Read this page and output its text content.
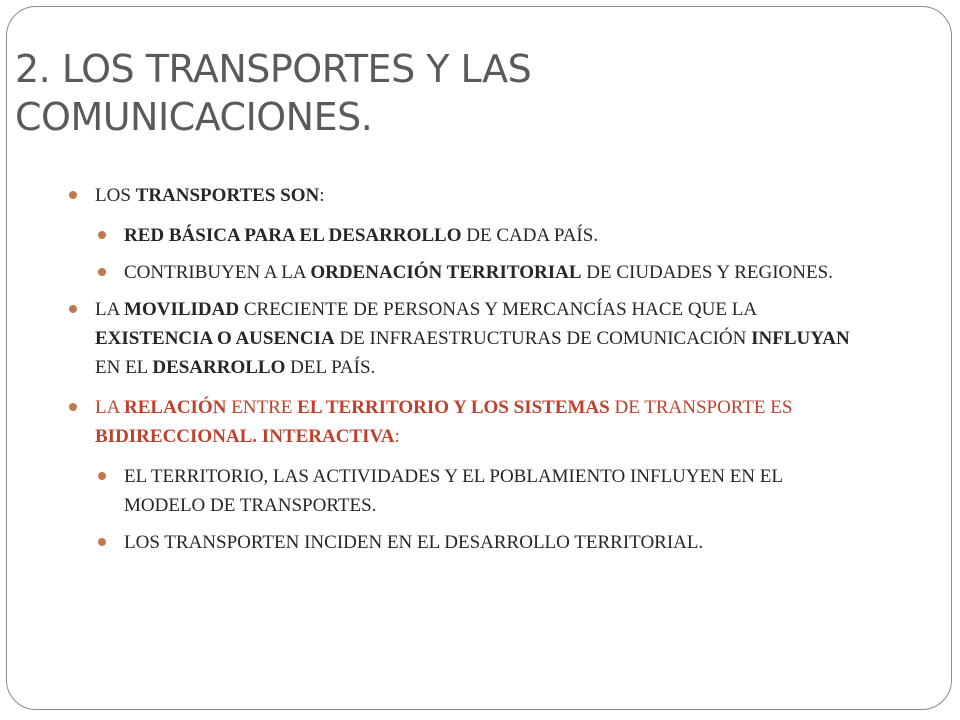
2. LOS TRANSPORTES Y LAS
COMUNICACIONES.
LOS TRANSPORTES SON:
RED BÁSICA PARA EL DESARROLLO DE CADA PAÍS.
CONTRIBUYEN A LA ORDENACIÓN TERRITORIAL DE CIUDADES Y REGIONES.
LA MOVILIDAD CRECIENTE DE PERSONAS Y MERCANCÍAS HACE QUE LA EXISTENCIA O AUSENCIA DE INFRAESTRUCTURAS DE COMUNICACIÓN INFLUYAN EN EL DESARROLLO DEL PAÍS.
LA RELACIÓN ENTRE EL TERRITORIO Y LOS SISTEMAS DE TRANSPORTE ES BIDIRECCIONAL. INTERACTIVA:
EL TERRITORIO, LAS ACTIVIDADES Y EL POBLAMIENTO INFLUYEN EN EL MODELO DE TRANSPORTES.
LOS TRANSPORTEN INCIDEN EN EL DESARROLLO TERRITORIAL.
